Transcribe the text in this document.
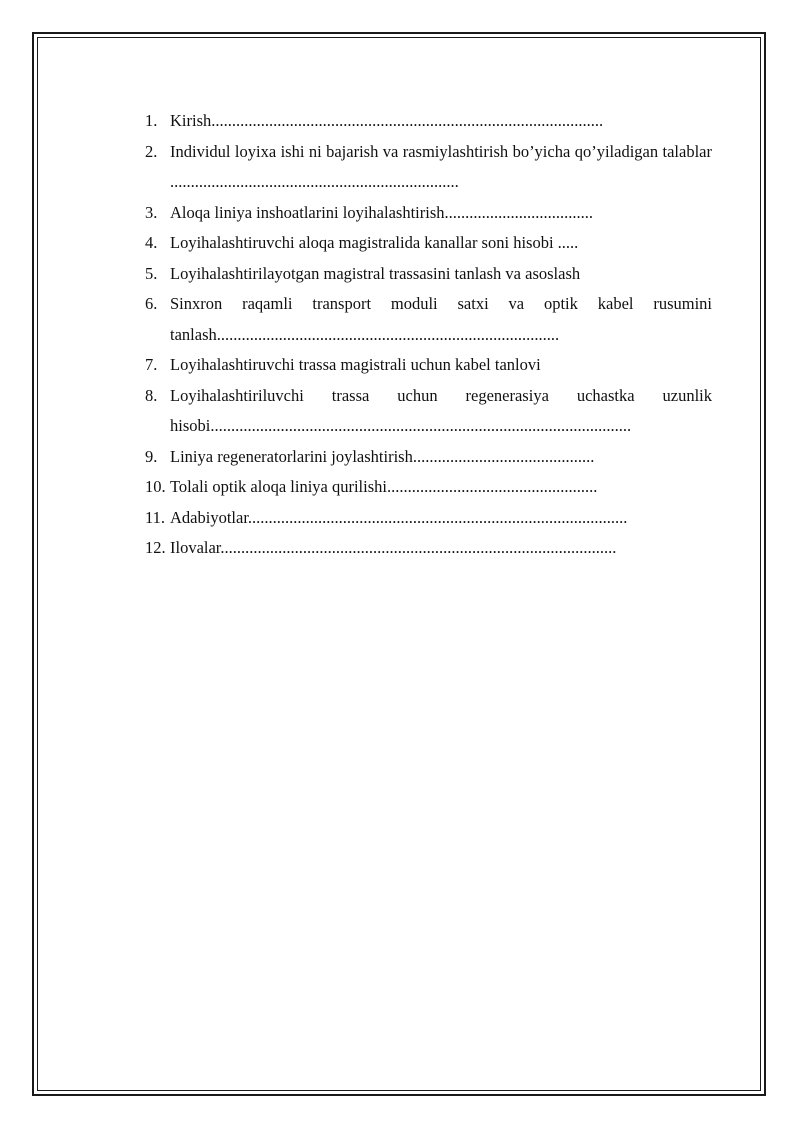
1. Kirish...............................................................................................
2. Individul loyixa ishi ni bajarish va rasmiylashtirish bo’yicha qo’yiladigan talablar ......................................................................
3. Aloqa liniya inshoatlarini loyihalashtirish....................................
4. Loyihalashtiruvchi aloqa magistralida kanallar soni hisobi .....
5. Loyihalashtirilayotgan magistral trassasini tanlash va asoslash
6. Sinxron raqamli transport moduli satxi va optik kabel rusumini tanlash...................................................................................
7. Loyihalashtiruvchi trassa magistrali uchun kabel tanlovi
8. Loyihalashtiriluvchi trassa uchun regenerasiya uchastka uzunlik hisobi......................................................................................................
9. Liniya regeneratorlarini joylashtirish............................................
10. Tolali optik aloqa liniya qurilishi...................................................
11. Adabiyotlar............................................................................................
12. Ilovalar................................................................................................
